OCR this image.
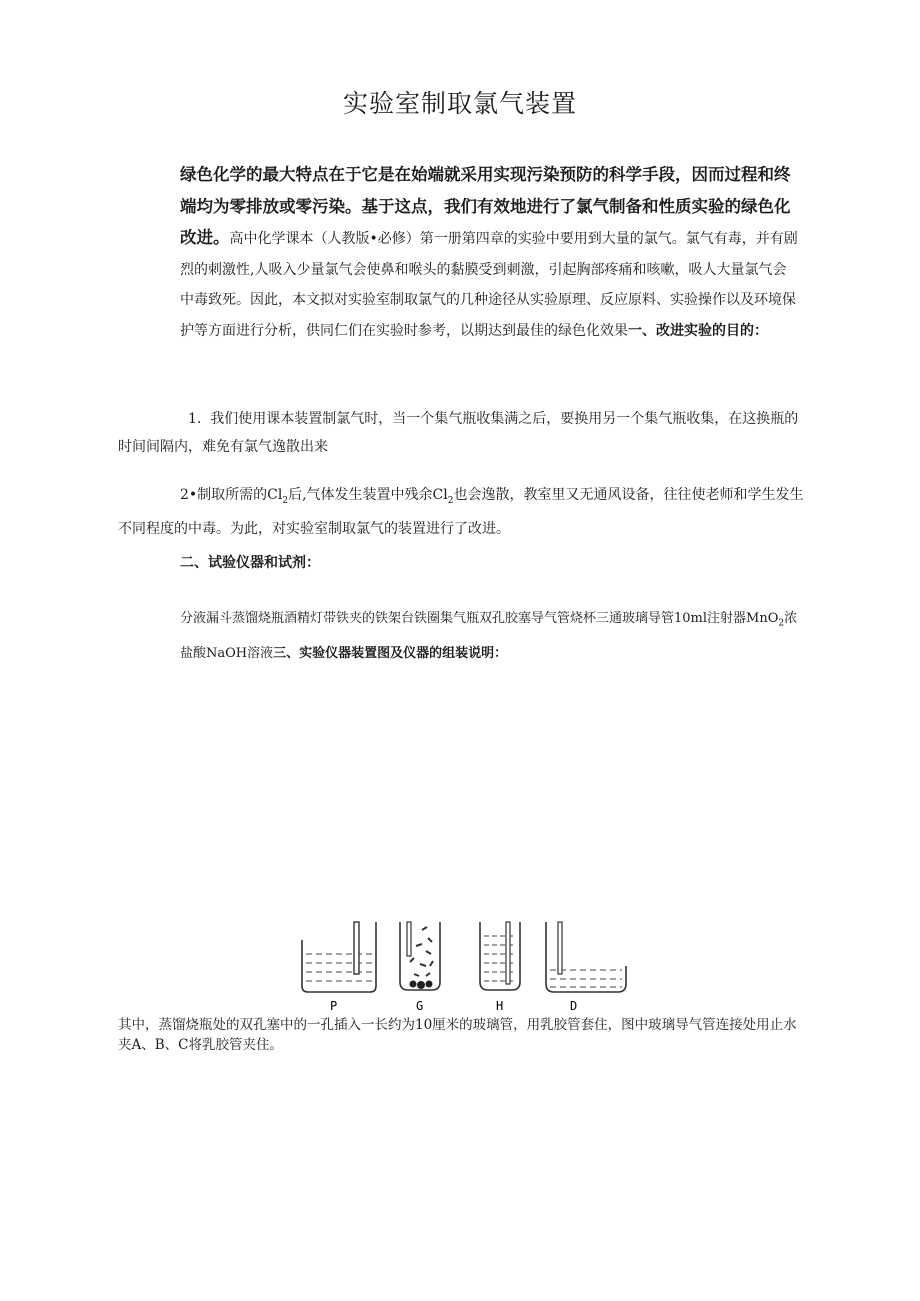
实验室制取氯气装置

绿色化学的最大特点在于它是在始端就采用实现污染预防的科学手段，因而过程和终端均为零排放或零污染。基于这点，我们有效地进行了氯气制备和性质实验的绿色化改进。高中化学课本（人教版•必修）第一册第四章的实验中要用到大量的氯气。氯气有毒，并有剧烈的刺激性,人吸入少量氯气会使鼻和喉头的黏膜受到刺激，引起胸部疼痛和咳嗽，吸人大量氯气会中毒致死。因此，本文拟对实验室制取氯气的几种途径从实验原理、反应原料、实验操作以及环境保护等方面进行分析，供同仁们在实验时参考，以期达到最佳的绿色化效果一、改进实验的目的：

1. 我们使用课本装置制氯气时，当一个集气瓶收集满之后，要换用另一个集气瓶收集，在这换瓶的时间间隔内，难免有氯气逸散出来

2•制取所需的$Cl_2$后,气体发生装置中残余$Cl_2$也会逸散，教室里又无通风设备，往往使老师和学生发生不同程度的中毒。为此，对实验室制取氯气的装置进行了改进。

二、试验仪器和试剂：

分液漏斗蒸馏烧瓶酒精灯带铁夹的铁架台铁圈集气瓶双孔胶塞导气管烧杯三通玻璃导管10ml注射器MnO$_2$浓盐酸NaOH溶液三、实验仪器装置图及仪器的组装说明：

P	G	H	D

其中，蒸馏烧瓶处的双孔塞中的一孔插入一长约为10厘米的玻璃管，用乳胶管套住，图中玻璃导气管连接处用止水夹A、B、C将乳胶管夹住。
